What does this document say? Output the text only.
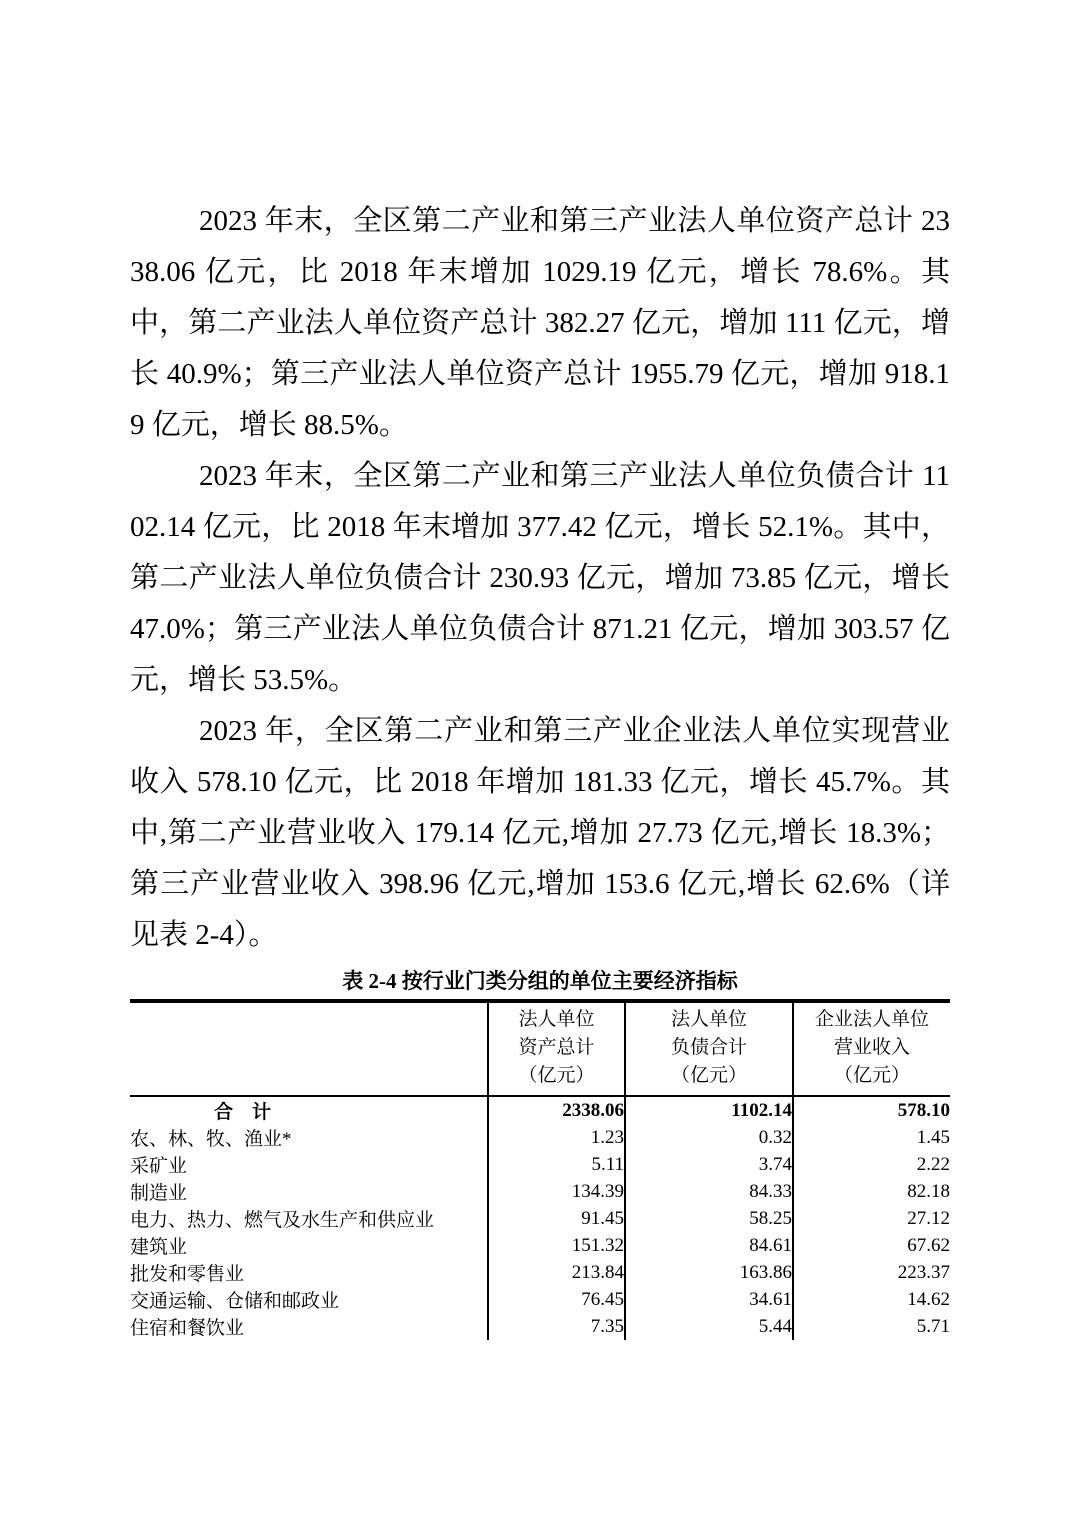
2023 年末，全区第二产业和第三产业法人单位资产总计 2338.06 亿元，比 2018 年末增加 1029.19 亿元，增长 78.6%。其中，第二产业法人单位资产总计 382.27 亿元，增加 111 亿元，增长 40.9%；第三产业法人单位资产总计 1955.79 亿元，增加 918.19 亿元，增长 88.5%。

2023 年末，全区第二产业和第三产业法人单位负债合计 1102.14 亿元，比 2018 年末增加 377.42 亿元，增长 52.1%。其中，第二产业法人单位负债合计 230.93 亿元，增加 73.85 亿元，增长 47.0%；第三产业法人单位负债合计 871.21 亿元，增加 303.57 亿元，增长 53.5%。

2023 年，全区第二产业和第三产业企业法人单位实现营业收入 578.10 亿元，比 2018 年增加 181.33 亿元，增长 45.7%。其中,第二产业营业收入 179.14 亿元,增加 27.73 亿元,增长 18.3%；第三产业营业收入 398.96 亿元,增加 153.6 亿元,增长 62.6%（详见表 2-4）。

表 2-4 按行业门类分组的单位主要经济指标

	法人单位
资产总计
（亿元）	法人单位
负债合计
（亿元）	企业法人单位
营业收入
（亿元）

合　计	2338.06	1102.14	578.10
农、林、牧、渔业*	1.23	0.32	1.45
采矿业	5.11	3.74	2.22
制造业	134.39	84.33	82.18
电力、热力、燃气及水生产和供应业	91.45	58.25	27.12
建筑业	151.32	84.61	67.62
批发和零售业	213.84	163.86	223.37
交通运输、仓储和邮政业	76.45	34.61	14.62
住宿和餐饮业	7.35	5.44	5.71
